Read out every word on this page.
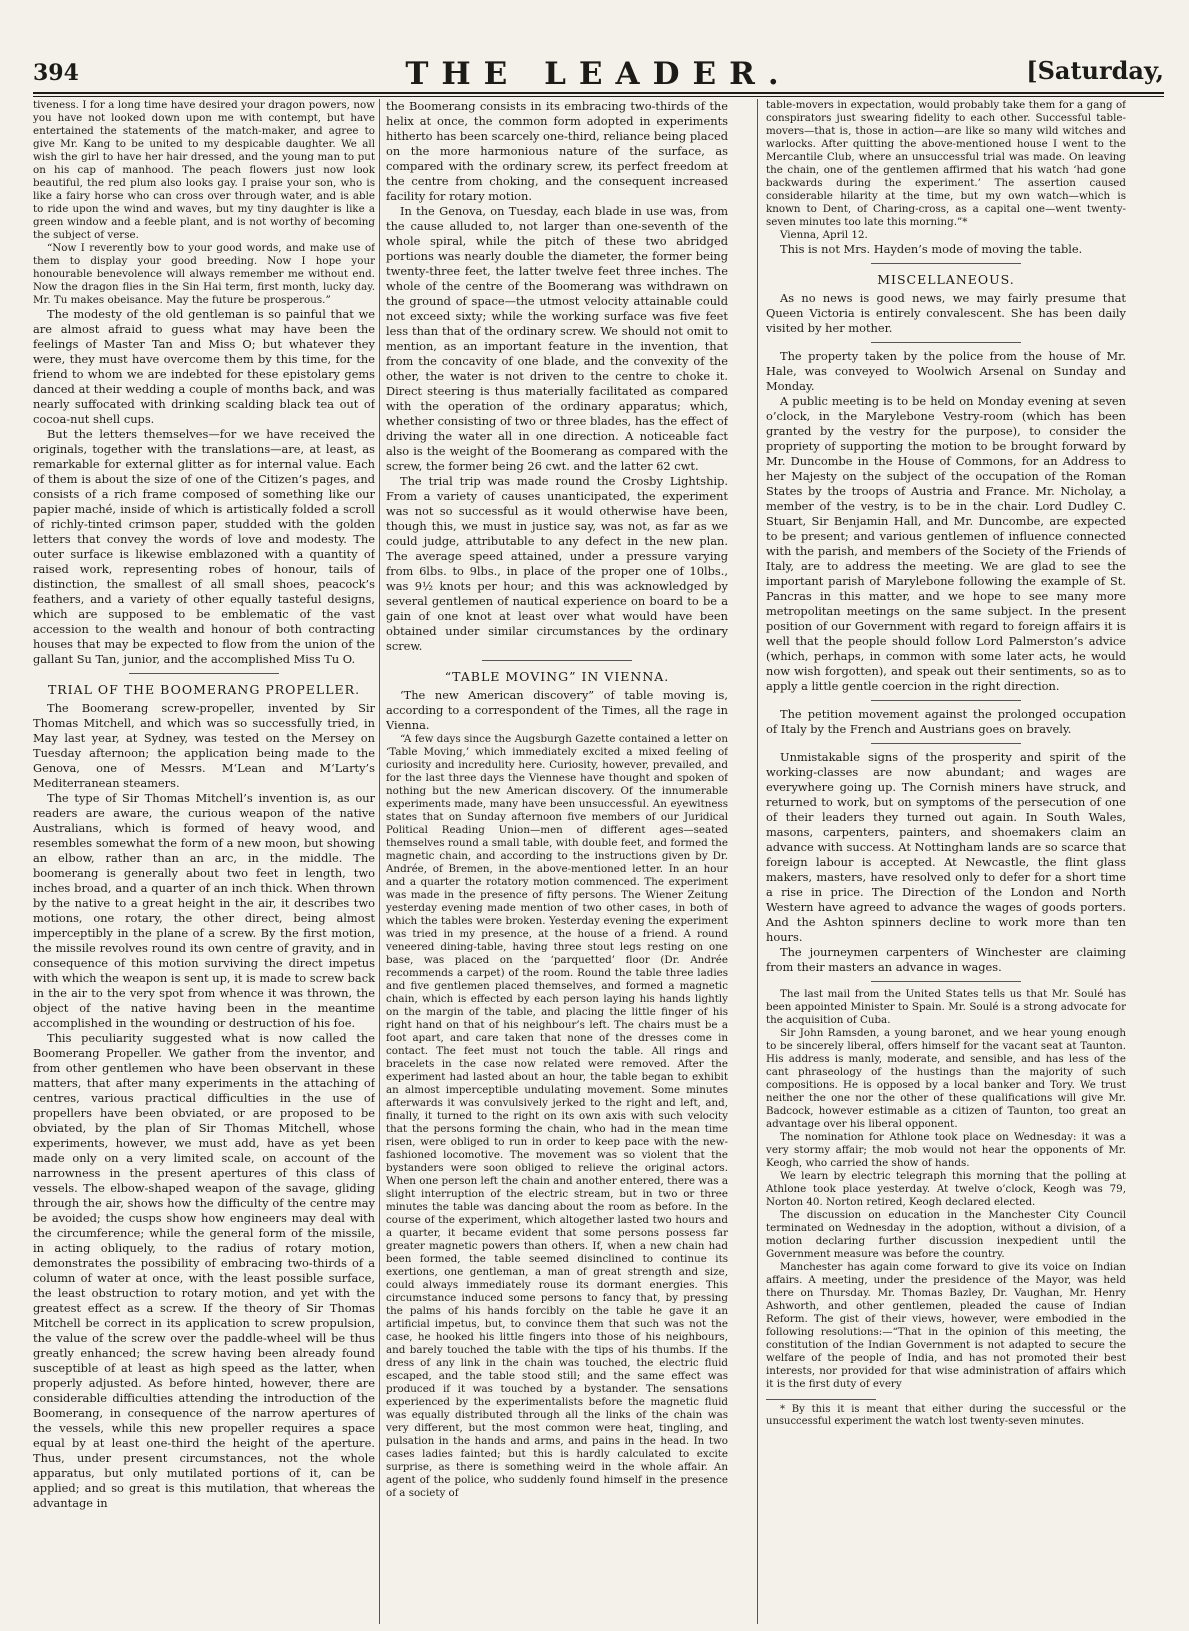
394	THE LEADER.	[Saturday,

tiveness. I for a long time have desired your dragon powers, now you have not looked down upon me with contempt, but have entertained the statements of the match-maker, and agree to give Mr. Kang to be united to my despicable daughter. We all wish the girl to have her hair dressed, and the young man to put on his cap of manhood. The peach flowers just now look beautiful, the red plum also looks gay. I praise your son, who is like a fairy horse who can cross over through water, and is able to ride upon the wind and waves, but my tiny daughter is like a green window and a feeble plant, and is not worthy of becoming the subject of verse.

“Now I reverently bow to your good words, and make use of them to display your good breeding. Now I hope your honourable benevolence will always remember me without end. Now the dragon flies in the Sin Hai term, first month, lucky day. Mr. Tu makes obeisance. May the future be prosperous.”

The modesty of the old gentleman is so painful that we are almost afraid to guess what may have been the feelings of Master Tan and Miss O; but whatever they were, they must have overcome them by this time, for the friend to whom we are indebted for these epistolary gems danced at their wedding a couple of months back, and was nearly suffocated with drinking scalding black tea out of cocoa-nut shell cups.

But the letters themselves—for we have received the originals, together with the translations—are, at least, as remarkable for external glitter as for internal value. Each of them is about the size of one of the Citizen’s pages, and consists of a rich frame composed of something like our papier maché, inside of which is artistically folded a scroll of richly-tinted crimson paper, studded with the golden letters that convey the words of love and modesty. The outer surface is likewise emblazoned with a quantity of raised work, representing robes of honour, tails of distinction, the smallest of all small shoes, peacock’s feathers, and a variety of other equally tasteful designs, which are supposed to be emblematic of the vast accession to the wealth and honour of both contracting houses that may be expected to flow from the union of the gallant Su Tan, junior, and the accomplished Miss Tu O.

TRIAL OF THE BOOMERANG PROPELLER.

The Boomerang screw-propeller, invented by Sir Thomas Mitchell, and which was so successfully tried, in May last year, at Sydney, was tested on the Mersey on Tuesday afternoon; the application being made to the Genova, one of Messrs. M‘Lean and M‘Larty’s Mediterranean steamers.

The type of Sir Thomas Mitchell’s invention is, as our readers are aware, the curious weapon of the native Australians, which is formed of heavy wood, and resembles somewhat the form of a new moon, but showing an elbow, rather than an arc, in the middle. The boomerang is generally about two feet in length, two inches broad, and a quarter of an inch thick. When thrown by the native to a great height in the air, it describes two motions, one rotary, the other direct, being almost imperceptibly in the plane of a screw. By the first motion, the missile revolves round its own centre of gravity, and in consequence of this motion surviving the direct impetus with which the weapon is sent up, it is made to screw back in the air to the very spot from whence it was thrown, the object of the native having been in the meantime accomplished in the wounding or destruction of his foe.

This peculiarity suggested what is now called the Boomerang Propeller. We gather from the inventor, and from other gentlemen who have been observant in these matters, that after many experiments in the attaching of centres, various practical difficulties in the use of propellers have been obviated, or are proposed to be obviated, by the plan of Sir Thomas Mitchell, whose experiments, however, we must add, have as yet been made only on a very limited scale, on account of the narrowness in the present apertures of this class of vessels. The elbow-shaped weapon of the savage, gliding through the air, shows how the difficulty of the centre may be avoided; the cusps show how engineers may deal with the circumference; while the general form of the missile, in acting obliquely, to the radius of rotary motion, demonstrates the possibility of embracing two-thirds of a column of water at once, with the least possible surface, the least obstruction to rotary motion, and yet with the greatest effect as a screw. If the theory of Sir Thomas Mitchell be correct in its application to screw propulsion, the value of the screw over the paddle-wheel will be thus greatly enhanced; the screw having been already found susceptible of at least as high speed as the latter, when properly adjusted. As before hinted, however, there are considerable difficulties attending the introduction of the Boomerang, in consequence of the narrow apertures of the vessels, while this new propeller requires a space equal by at least one-third the height of the aperture. Thus, under present circumstances, not the whole apparatus, but only mutilated portions of it, can be applied; and so great is this mutilation, that whereas the advantage in

the Boomerang consists in its embracing two-thirds of the helix at once, the common form adopted in experiments hitherto has been scarcely one-third, reliance being placed on the more harmonious nature of the surface, as compared with the ordinary screw, its perfect freedom at the centre from choking, and the consequent increased facility for rotary motion.

In the Genova, on Tuesday, each blade in use was, from the cause alluded to, not larger than one-seventh of the whole spiral, while the pitch of these two abridged portions was nearly double the diameter, the former being twenty-three feet, the latter twelve feet three inches. The whole of the centre of the Boomerang was withdrawn on the ground of space—the utmost velocity attainable could not exceed sixty; while the working surface was five feet less than that of the ordinary screw. We should not omit to mention, as an important feature in the invention, that from the concavity of one blade, and the convexity of the other, the water is not driven to the centre to choke it. Direct steering is thus materially facilitated as compared with the operation of the ordinary apparatus; which, whether consisting of two or three blades, has the effect of driving the water all in one direction. A noticeable fact also is the weight of the Boomerang as compared with the screw, the former being 26 cwt. and the latter 62 cwt.

The trial trip was made round the Crosby Lightship. From a variety of causes unanticipated, the experiment was not so successful as it would otherwise have been, though this, we must in justice say, was not, as far as we could judge, attributable to any defect in the new plan. The average speed attained, under a pressure varying from 6lbs. to 9lbs., in place of the proper one of 10lbs., was 9½ knots per hour; and this was acknowledged by several gentlemen of nautical experience on board to be a gain of one knot at least over what would have been obtained under similar circumstances by the ordinary screw.

“TABLE MOVING” IN VIENNA.

‘The new American discovery” of table moving is, according to a correspondent of the Times, all the rage in Vienna.

“A few days since the Augsburgh Gazette contained a letter on ‘Table Moving,’ which immediately excited a mixed feeling of curiosity and incredulity here. Curiosity, however, prevailed, and for the last three days the Viennese have thought and spoken of nothing but the new American discovery. Of the innumerable experiments made, many have been unsuccessful. An eyewitness states that on Sunday afternoon five members of our Juridical Political Reading Union—men of different ages—seated themselves round a small table, with double feet, and formed the magnetic chain, and according to the instructions given by Dr. Andrée, of Bremen, in the above-mentioned letter. In an hour and a quarter the rotatory motion commenced. The experiment was made in the presence of fifty persons. The Wiener Zeitung yesterday evening made mention of two other cases, in both of which the tables were broken. Yesterday evening the experiment was tried in my presence, at the house of a friend. A round veneered dining-table, having three stout legs resting on one base, was placed on the ‘parquetted’ floor (Dr. Andrée recommends a carpet) of the room. Round the table three ladies and five gentlemen placed themselves, and formed a magnetic chain, which is effected by each person laying his hands lightly on the margin of the table, and placing the little finger of his right hand on that of his neighbour’s left. The chairs must be a foot apart, and care taken that none of the dresses come in contact. The feet must not touch the table. All rings and bracelets in the case now related were removed. After the experiment had lasted about an hour, the table began to exhibit an almost imperceptible undulating movement. Some minutes afterwards it was convulsively jerked to the right and left, and, finally, it turned to the right on its own axis with such velocity that the persons forming the chain, who had in the mean time risen, were obliged to run in order to keep pace with the new-fashioned locomotive. The movement was so violent that the bystanders were soon obliged to relieve the original actors. When one person left the chain and another entered, there was a slight interruption of the electric stream, but in two or three minutes the table was dancing about the room as before. In the course of the experiment, which altogether lasted two hours and a quarter, it became evident that some persons possess far greater magnetic powers than others. If, when a new chain had been formed, the table seemed disinclined to continue its exertions, one gentleman, a man of great strength and size, could always immediately rouse its dormant energies. This circumstance induced some persons to fancy that, by pressing the palms of his hands forcibly on the table he gave it an artificial impetus, but, to convince them that such was not the case, he hooked his little fingers into those of his neighbours, and barely touched the table with the tips of his thumbs. If the dress of any link in the chain was touched, the electric fluid escaped, and the table stood still; and the same effect was produced if it was touched by a bystander. The sensations experienced by the experimentalists before the magnetic fluid was equally distributed through all the links of the chain was very different, but the most common were heat, tingling, and pulsation in the hands and arms, and pains in the head. In two cases ladies fainted; but this is hardly calculated to excite surprise, as there is something weird in the whole affair. An agent of the police, who suddenly found himself in the presence of a society of

table-movers in expectation, would probably take them for a gang of conspirators just swearing fidelity to each other. Successful table-movers—that is, those in action—are like so many wild witches and warlocks. After quitting the above-mentioned house I went to the Mercantile Club, where an unsuccessful trial was made. On leaving the chain, one of the gentlemen affirmed that his watch ‘had gone backwards during the experiment.’ The assertion caused considerable hilarity at the time, but my own watch—which is known to Dent, of Charing-cross, as a capital one—went twenty-seven minutes too late this morning.”*

Vienna, April 12.

This is not Mrs. Hayden’s mode of moving the table.

MISCELLANEOUS.

As no news is good news, we may fairly presume that Queen Victoria is entirely convalescent. She has been daily visited by her mother.

The property taken by the police from the house of Mr. Hale, was conveyed to Woolwich Arsenal on Sunday and Monday.

A public meeting is to be held on Monday evening at seven o’clock, in the Marylebone Vestry-room (which has been granted by the vestry for the purpose), to consider the propriety of supporting the motion to be brought forward by Mr. Duncombe in the House of Commons, for an Address to her Majesty on the subject of the occupation of the Roman States by the troops of Austria and France. Mr. Nicholay, a member of the vestry, is to be in the chair. Lord Dudley C. Stuart, Sir Benjamin Hall, and Mr. Duncombe, are expected to be present; and various gentlemen of influence connected with the parish, and members of the Society of the Friends of Italy, are to address the meeting. We are glad to see the important parish of Marylebone following the example of St. Pancras in this matter, and we hope to see many more metropolitan meetings on the same subject. In the present position of our Government with regard to foreign affairs it is well that the people should follow Lord Palmerston’s advice (which, perhaps, in common with some later acts, he would now wish forgotten), and speak out their sentiments, so as to apply a little gentle coercion in the right direction.

The petition movement against the prolonged occupation of Italy by the French and Austrians goes on bravely.

Unmistakable signs of the prosperity and spirit of the working-classes are now abundant; and wages are everywhere going up. The Cornish miners have struck, and returned to work, but on symptoms of the persecution of one of their leaders they turned out again. In South Wales, masons, carpenters, painters, and shoemakers claim an advance with success. At Nottingham lands are so scarce that foreign labour is accepted. At Newcastle, the flint glass makers, masters, have resolved only to defer for a short time a rise in price. The Direction of the London and North Western have agreed to advance the wages of goods porters. And the Ashton spinners decline to work more than ten hours.

The journeymen carpenters of Winchester are claiming from their masters an advance in wages.

The last mail from the United States tells us that Mr. Soulé has been appointed Minister to Spain. Mr. Soulé is a strong advocate for the acquisition of Cuba.

Sir John Ramsden, a young baronet, and we hear young enough to be sincerely liberal, offers himself for the vacant seat at Taunton. His address is manly, moderate, and sensible, and has less of the cant phraseology of the hustings than the majority of such compositions. He is opposed by a local banker and Tory. We trust neither the one nor the other of these qualifications will give Mr. Badcock, however estimable as a citizen of Taunton, too great an advantage over his liberal opponent.

The nomination for Athlone took place on Wednesday: it was a very stormy affair; the mob would not hear the opponents of Mr. Keogh, who carried the show of hands.

We learn by electric telegraph this morning that the polling at Athlone took place yesterday. At twelve o’clock, Keogh was 79, Norton 40. Norton retired, Keogh declared elected.

The discussion on education in the Manchester City Council terminated on Wednesday in the adoption, without a division, of a motion declaring further discussion inexpedient until the Government measure was before the country.

Manchester has again come forward to give its voice on Indian affairs. A meeting, under the presidence of the Mayor, was held there on Thursday. Mr. Thomas Bazley, Dr. Vaughan, Mr. Henry Ashworth, and other gentlemen, pleaded the cause of Indian Reform. The gist of their views, however, were embodied in the following resolutions:—“That in the opinion of this meeting, the constitution of the Indian Government is not adapted to secure the welfare of the people of India, and has not promoted their best interests, nor provided for that wise administration of affairs which it is the first duty of every

* By this it is meant that either during the successful or the unsuccessful experiment the watch lost twenty-seven minutes.
